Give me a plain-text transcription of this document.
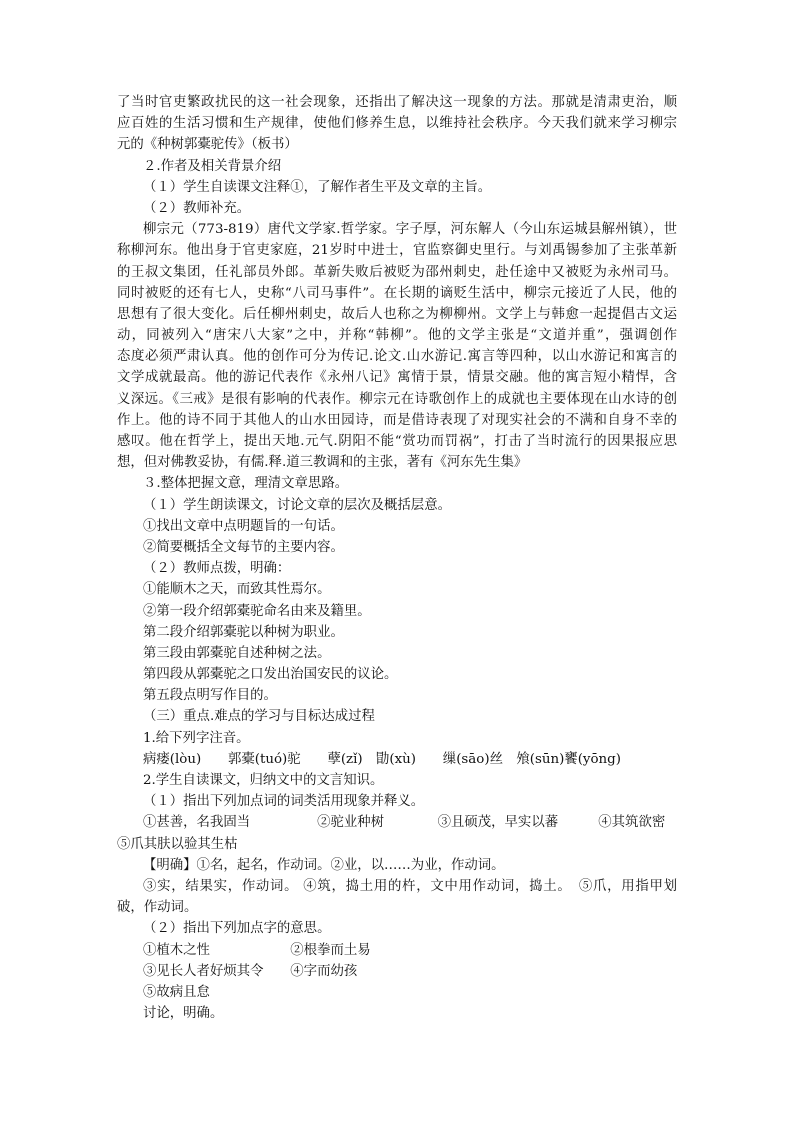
了当时官吏繁政扰民的这一社会现象，还指出了解决这一现象的方法。那就是清肃吏治，顺
应百姓的生活习惯和生产规律，使他们修养生息，以维持社会秩序。今天我们就来学习柳宗
元的《种树郭橐驼传》（板书）
２.作者及相关背景介绍
（１）学生自读课文注释①，了解作者生平及文章的主旨。
（２）教师补充。
柳宗元（773-819）唐代文学家.哲学家。字子厚，河东解人（今山东运城县解州镇），世
称柳河东。他出身于官吏家庭，21岁时中进士，官监察御史里行。与刘禹锡参加了主张革新
的王叔文集团，任礼部员外郎。革新失败后被贬为邵州刺史，赴任途中又被贬为永州司马。
同时被贬的还有七人，史称“八司马事件”。在长期的谪贬生活中，柳宗元接近了人民，他的
思想有了很大变化。后任柳州刺史，故后人也称之为柳柳州。文学上与韩愈一起提倡古文运
动，同被列入“唐宋八大家”之中，并称“韩柳”。他的文学主张是“文道并重”，强调创作
态度必须严肃认真。他的创作可分为传记.论文.山水游记.寓言等四种，以山水游记和寓言的
文学成就最高。他的游记代表作《永州八记》寓情于景，情景交融。他的寓言短小精悍，含
义深远。《三戒》是很有影响的代表作。柳宗元在诗歌创作上的成就也主要体现在山水诗的创
作上。他的诗不同于其他人的山水田园诗，而是借诗表现了对现实社会的不满和自身不幸的
感叹。他在哲学上，提出天地.元气.阴阳不能“赏功而罚祸”，打击了当时流行的因果报应思
想，但对佛教妥协，有儒.释.道三教调和的主张，著有《河东先生集》
３.整体把握文意，理清文章思路。
（１）学生朗读课文，讨论文章的层次及概括层意。
①找出文章中点明题旨的一句话。
②简要概括全文每节的主要内容。
（２）教师点拨，明确：
①能顺木之天，而致其性焉尔。
②第一段介绍郭橐驼命名由来及籍里。
第二段介绍郭橐驼以种树为职业。
第三段由郭橐驼自述种树之法。
第四段从郭橐驼之口发出治国安民的议论。
第五段点明写作目的。
（三）重点.难点的学习与目标达成过程
1.给下列字注音。
病瘘(lòu)　　郭橐(tuó)驼　　孽(zǐ)　勖(xù)　　缫(sāo)丝　飧(sūn)饔(yōng)
2.学生自读课文，归纳文中的文言知识。
（１）指出下列加点词的词类活用现象并释义。
①甚善，名我固当　　　　　②驼业种树　　　　③且硕茂，早实以蕃　　　④其筑欲密
⑤爪其肤以验其生枯
【明确】①名，起名，作动词。②业，以……为业，作动词。
③实，结果实，作动词。 ④筑，捣土用的杵，文中用作动词，捣土。　⑤爪，用指甲划
破，作动词。
（２）指出下列加点字的意思。
①植木之性　　　　　　②根拳而土易
③见长人者好烦其令　　④字而幼孩
⑤故病且怠
讨论，明确。
